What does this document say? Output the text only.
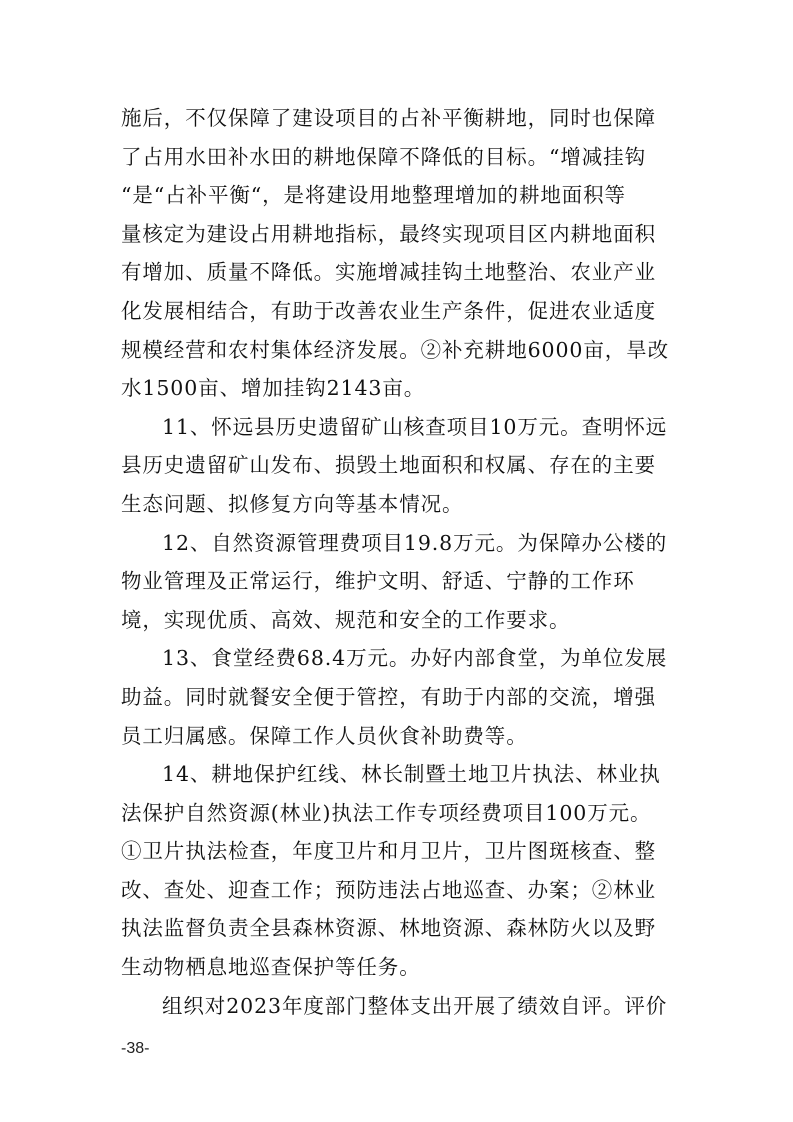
施后，不仅保障了建设项目的占补平衡耕地，同时也保障
了占用水田补水田的耕地保障不降低的目标。“增减挂钩
“是“占补平衡“，是将建设用地整理增加的耕地面积等
量核定为建设占用耕地指标，最终实现项目区内耕地面积
有增加、质量不降低。实施增减挂钩土地整治、农业产业
化发展相结合，有助于改善农业生产条件，促进农业适度
规模经营和农村集体经济发展。②补充耕地6000亩，旱改
水1500亩、增加挂钩2143亩。
11、怀远县历史遗留矿山核查项目10万元。查明怀远
县历史遗留矿山发布、损毁土地面积和权属、存在的主要
生态问题、拟修复方向等基本情况。
12、自然资源管理费项目19.8万元。为保障办公楼的
物业管理及正常运行，维护文明、舒适、宁静的工作环
境，实现优质、高效、规范和安全的工作要求。
13、食堂经费68.4万元。办好内部食堂，为单位发展
助益。同时就餐安全便于管控，有助于内部的交流，增强
员工归属感。保障工作人员伙食补助费等。
14、耕地保护红线、林长制暨土地卫片执法、林业执
法保护自然资源(林业)执法工作专项经费项目100万元。
①卫片执法检查，年度卫片和月卫片，卫片图斑核查、整
改、查处、迎查工作；预防违法占地巡查、办案；②林业
执法监督负责全县森林资源、林地资源、森林防火以及野
生动物栖息地巡查保护等任务。
组织对2023年度部门整体支出开展了绩效自评。评价
-38-
